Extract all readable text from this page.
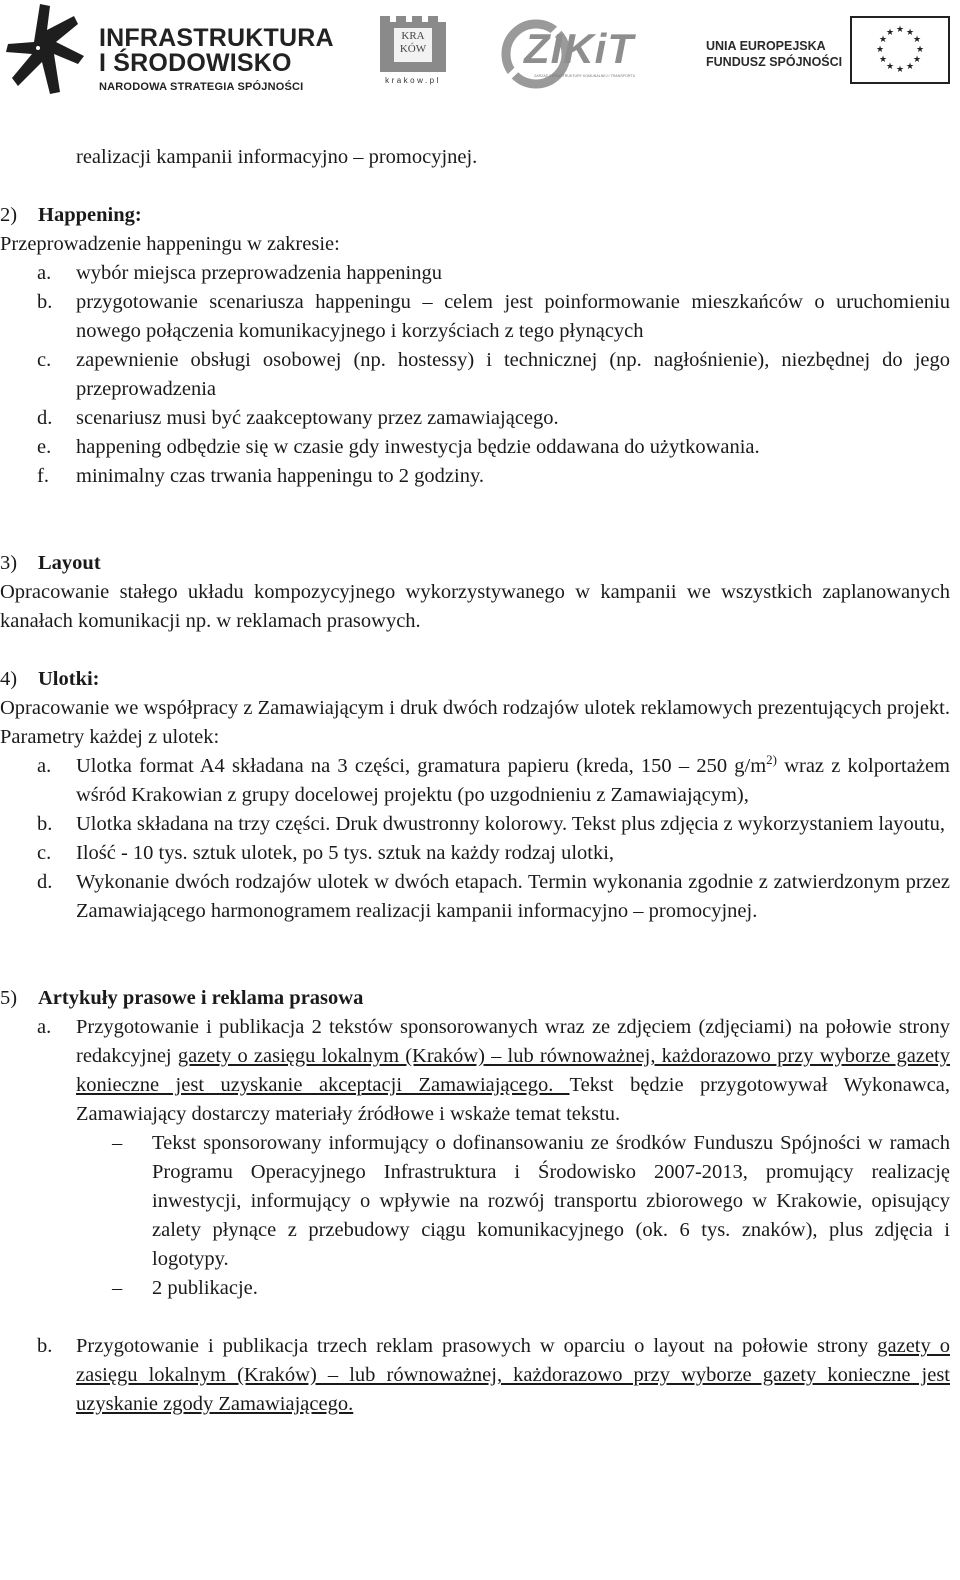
INFRASTRUKTURA
I ŚRODOWISKO
NARODOWA STRATEGIA SPÓJNOŚCI
KRA
KÓW
krakow.pl
ZIKiT
ZARZĄD INFRASTRUKTURY KOMUNALNEJ I TRANSPORTU
UNIA EUROPEJSKA
FUNDUSZ SPÓJNOŚCI
★ ★
★
★
★
★
★
★
★
★
★
★

realizacji kampanii informacyjno – promocyjnej.

2) Happening:

Przeprowadzenie happeningu w zakresie:

a. wybór miejsca przeprowadzenia happeningu
b. przygotowanie scenariusza happeningu – celem jest poinformowanie mieszkańców o uruchomieniu nowego połączenia komunikacyjnego i korzyściach z tego płynących
c. zapewnienie obsługi osobowej (np. hostessy) i technicznej (np. nagłośnienie), niezbędnej do jego przeprowadzenia
d. scenariusz musi być zaakceptowany przez zamawiającego.
e. happening odbędzie się w czasie gdy inwestycja będzie oddawana do użytkowania.
f. minimalny czas trwania happeningu to 2 godziny.

3) Layout

Opracowanie stałego układu kompozycyjnego wykorzystywanego w kampanii we wszystkich zaplanowanych kanałach komunikacji np. w reklamach prasowych.

4) Ulotki:

Opracowanie we współpracy z Zamawiającym i druk dwóch rodzajów ulotek reklamowych prezentujących projekt. Parametry każdej z ulotek:

a. Ulotka format A4 składana na 3 części, gramatura papieru (kreda, 150 – 250 $g/m^{2)}$ wraz z kolportażem wśród Krakowian z grupy docelowej projektu (po uzgodnieniu z Zamawiającym),
b. Ulotka składana na trzy części. Druk dwustronny kolorowy. Tekst plus zdjęcia z wykorzystaniem layoutu,
c. Ilość - 10 tys. sztuk ulotek, po 5 tys. sztuk na każdy rodzaj ulotki,
d. Wykonanie dwóch rodzajów ulotek w dwóch etapach. Termin wykonania zgodnie z zatwierdzonym przez Zamawiającego harmonogramem realizacji kampanii informacyjno – promocyjnej.

5) Artykuły prasowe i reklama prasowa

a. Przygotowanie i publikacja 2 tekstów sponsorowanych wraz ze zdjęciem (zdjęciami) na połowie strony redakcyjnej gazety o zasięgu lokalnym (Kraków) – lub równoważnej, każdorazowo przy wyborze gazety konieczne jest uzyskanie akceptacji Zamawiającego. Tekst będzie przygotowywał Wykonawca, Zamawiający dostarczy materiały źródłowe i wskaże temat tekstu.
– Tekst sponsorowany informujący o dofinansowaniu ze środków Funduszu Spójności w ramach Programu Operacyjnego Infrastruktura i Środowisko 2007-2013, promujący realizację inwestycji, informujący o wpływie na rozwój transportu zbiorowego w Krakowie, opisujący zalety płynące z przebudowy ciągu komunikacyjnego (ok. 6 tys. znaków), plus zdjęcia i logotypy.
– 2 publikacje.
b. Przygotowanie i publikacja trzech reklam prasowych w oparciu o layout na połowie strony gazety o zasięgu lokalnym (Kraków) – lub równoważnej, każdorazowo przy wyborze gazety konieczne jest uzyskanie zgody Zamawiającego.
